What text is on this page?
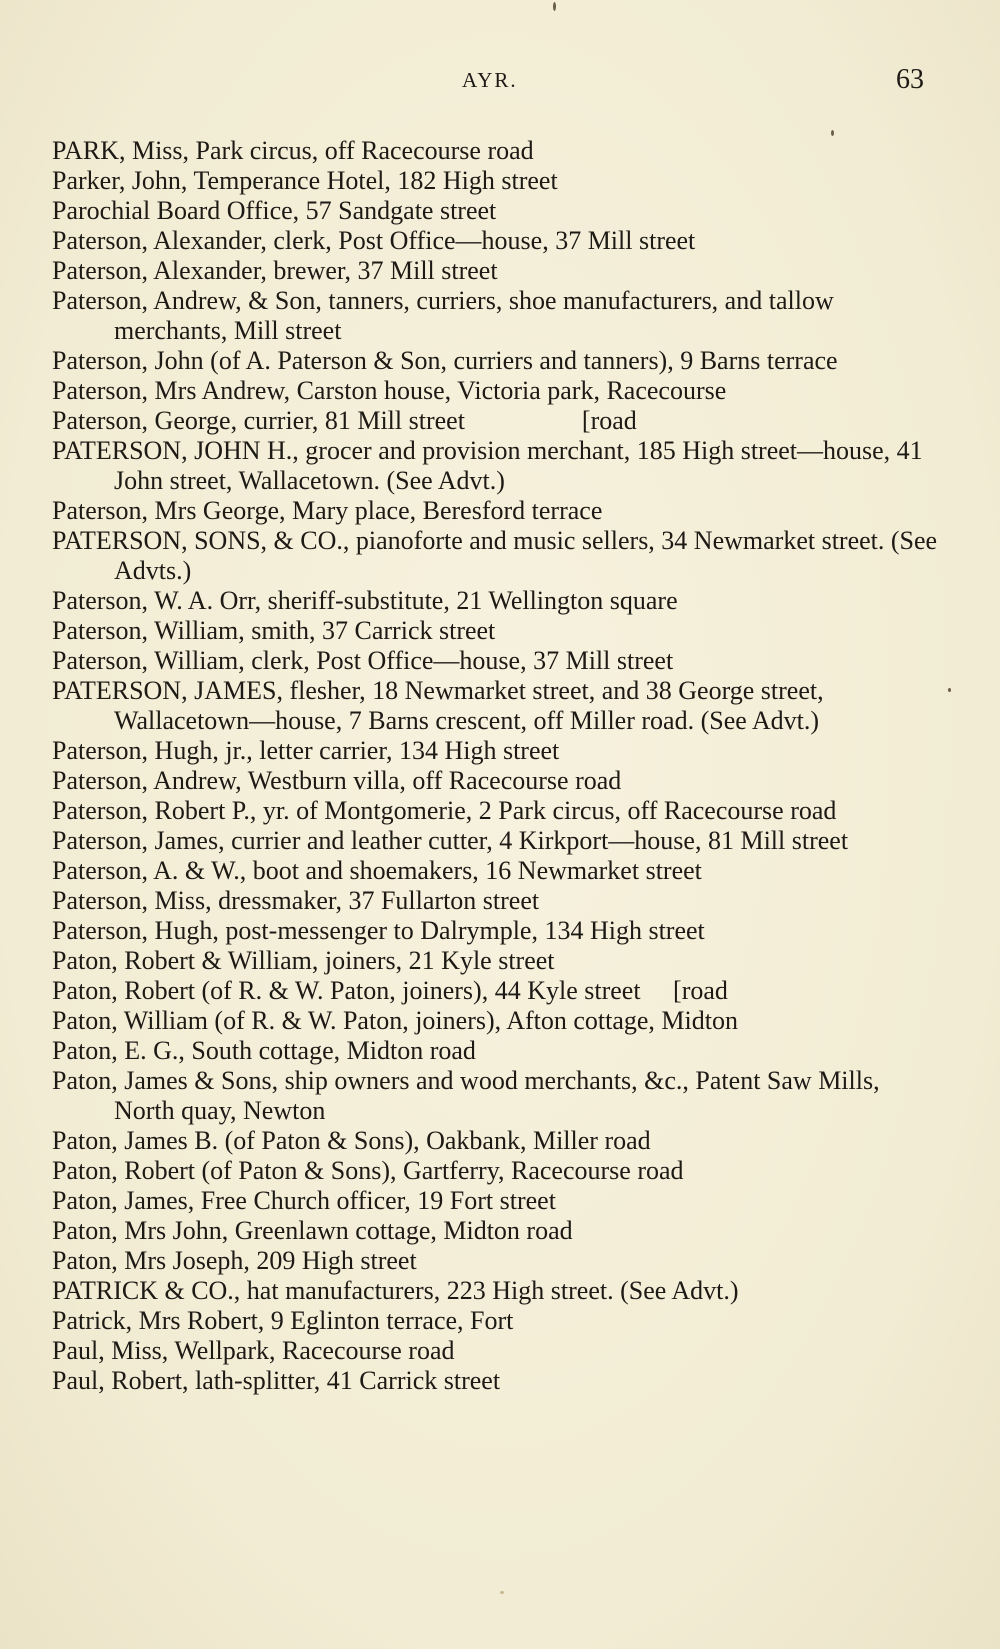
AYR.	63

PARK, Miss, Park circus, off Racecourse road

Parker, John, Temperance Hotel, 182 High street

Parochial Board Office, 57 Sandgate street

Paterson, Alexander, clerk, Post Office—house, 37 Mill street

Paterson, Alexander, brewer, 37 Mill street

Paterson, Andrew, & Son, tanners, curriers, shoe manufacturers, and tallow merchants, Mill street

Paterson, John (of A. Paterson & Son, curriers and tanners), 9 Barns terrace

Paterson, Mrs Andrew, Carston house, Victoria park, Racecourse

Paterson, George, currier, 81 Mill street                  [road

PATERSON, JOHN H., grocer and provision merchant, 185 High street—house, 41 John street, Wallacetown. (See Advt.)

Paterson, Mrs George, Mary place, Beresford terrace

PATERSON, SONS, & CO., pianoforte and music sellers, 34 Newmarket street. (See Advts.)

Paterson, W. A. Orr, sheriff-substitute, 21 Wellington square

Paterson, William, smith, 37 Carrick street

Paterson, William, clerk, Post Office—house, 37 Mill street

PATERSON, JAMES, flesher, 18 Newmarket street, and 38 George street, Wallacetown—house, 7 Barns crescent, off Miller road. (See Advt.)

Paterson, Hugh, jr., letter carrier, 134 High street

Paterson, Andrew, Westburn villa, off Racecourse road

Paterson, Robert P., yr. of Montgomerie, 2 Park circus, off Racecourse road

Paterson, James, currier and leather cutter, 4 Kirkport—house, 81 Mill street

Paterson, A. & W., boot and shoemakers, 16 Newmarket street

Paterson, Miss, dressmaker, 37 Fullarton street

Paterson, Hugh, post-messenger to Dalrymple, 134 High street

Paton, Robert & William, joiners, 21 Kyle street

Paton, Robert (of R. & W. Paton, joiners), 44 Kyle street     [road

Paton, William (of R. & W. Paton, joiners), Afton cottage, Midton

Paton, E. G., South cottage, Midton road

Paton, James & Sons, ship owners and wood merchants, &c., Patent Saw Mills, North quay, Newton

Paton, James B. (of Paton & Sons), Oakbank, Miller road

Paton, Robert (of Paton & Sons), Gartferry, Racecourse road

Paton, James, Free Church officer, 19 Fort street

Paton, Mrs John, Greenlawn cottage, Midton road

Paton, Mrs Joseph, 209 High street

PATRICK & CO., hat manufacturers, 223 High street. (See Advt.)

Patrick, Mrs Robert, 9 Eglinton terrace, Fort

Paul, Miss, Wellpark, Racecourse road

Paul, Robert, lath-splitter, 41 Carrick street
